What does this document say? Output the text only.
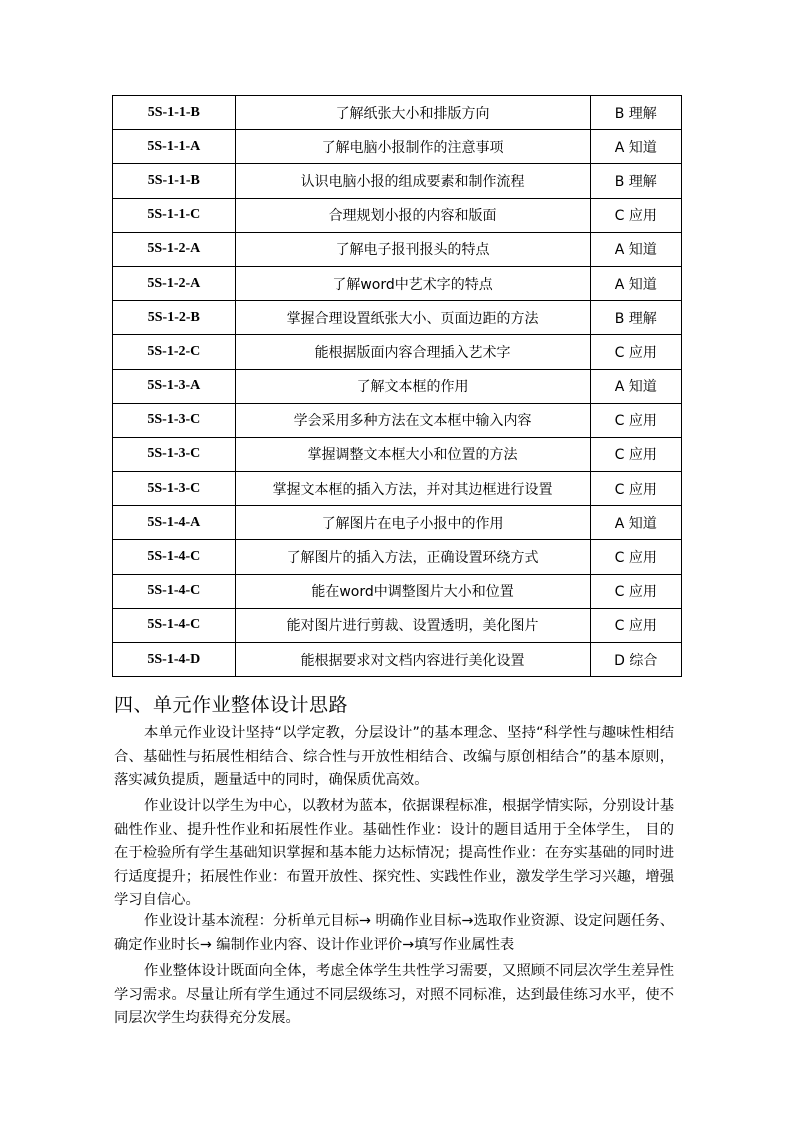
5S-1-1-B	了解纸张大小和排版方向	B 理解
5S-1-1-A	了解电脑小报制作的注意事项	A 知道
5S-1-1-B	认识电脑小报的组成要素和制作流程	B 理解
5S-1-1-C	合理规划小报的内容和版面	C 应用
5S-1-2-A	了解电子报刊报头的特点	A 知道
5S-1-2-A	了解word中艺术字的特点	A 知道
5S-1-2-B	掌握合理设置纸张大小、页面边距的方法	B 理解
5S-1-2-C	能根据版面内容合理插入艺术字	C 应用
5S-1-3-A	了解文本框的作用	A 知道
5S-1-3-C	学会采用多种方法在文本框中输入内容	C 应用
5S-1-3-C	掌握调整文本框大小和位置的方法	C 应用
5S-1-3-C	掌握文本框的插入方法，并对其边框进行设置	C 应用
5S-1-4-A	了解图片在电子小报中的作用	A 知道
5S-1-4-C	了解图片的插入方法，正确设置环绕方式	C 应用
5S-1-4-C	能在word中调整图片大小和位置	C 应用
5S-1-4-C	能对图片进行剪裁、设置透明，美化图片	C 应用
5S-1-4-D	能根据要求对文档内容进行美化设置	D 综合
四、单元作业整体设计思路

本单元作业设计坚持“以学定教，分层设计”的基本理念、坚持“科学性与趣味性相结合、基础性与拓展性相结合、综合性与开放性相结合、改编与原创相结合”的基本原则，落实减负提质，题量适中的同时，确保质优高效。

作业设计以学生为中心，以教材为蓝本，依据课程标准，根据学情实际，分别设计基础性作业、提升性作业和拓展性作业。基础性作业：设计的题目适用于全体学生， 目的在于检验所有学生基础知识掌握和基本能力达标情况；提高性作业：在夯实基础的同时进行适度提升；拓展性作业：布置开放性、探究性、实践性作业，激发学生学习兴趣，增强学习自信心。

作业设计基本流程：分析单元目标→ 明确作业目标→选取作业资源、设定问题任务、确定作业时长→ 编制作业内容、设计作业评价→填写作业属性表

作业整体设计既面向全体，考虑全体学生共性学习需要，又照顾不同层次学生差异性学习需求。尽量让所有学生通过不同层级练习，对照不同标准，达到最佳练习水平，使不同层次学生均获得充分发展。
